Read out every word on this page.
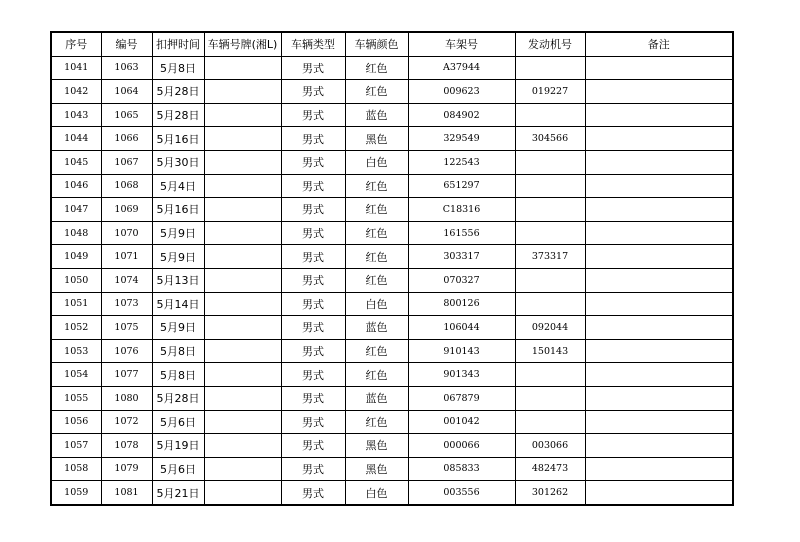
序号	编号	扣押时间	车辆号牌(湘L)	车辆类型	车辆颜色	车架号	发动机号	备注
1041	1063	5月8日		男式	红色	A37944		
1042	1064	5月28日		男式	红色	009623	019227	
1043	1065	5月28日		男式	蓝色	084902		
1044	1066	5月16日		男式	黑色	329549	304566	
1045	1067	5月30日		男式	白色	122543		
1046	1068	5月4日		男式	红色	651297		
1047	1069	5月16日		男式	红色	C18316		
1048	1070	5月9日		男式	红色	161556		
1049	1071	5月9日		男式	红色	303317	373317	
1050	1074	5月13日		男式	红色	070327		
1051	1073	5月14日		男式	白色	800126		
1052	1075	5月9日		男式	蓝色	106044	092044	
1053	1076	5月8日		男式	红色	910143	150143	
1054	1077	5月8日		男式	红色	901343		
1055	1080	5月28日		男式	蓝色	067879		
1056	1072	5月6日		男式	红色	001042		
1057	1078	5月19日		男式	黑色	000066	003066	
1058	1079	5月6日		男式	黑色	085833	482473	
1059	1081	5月21日		男式	白色	003556	301262	
